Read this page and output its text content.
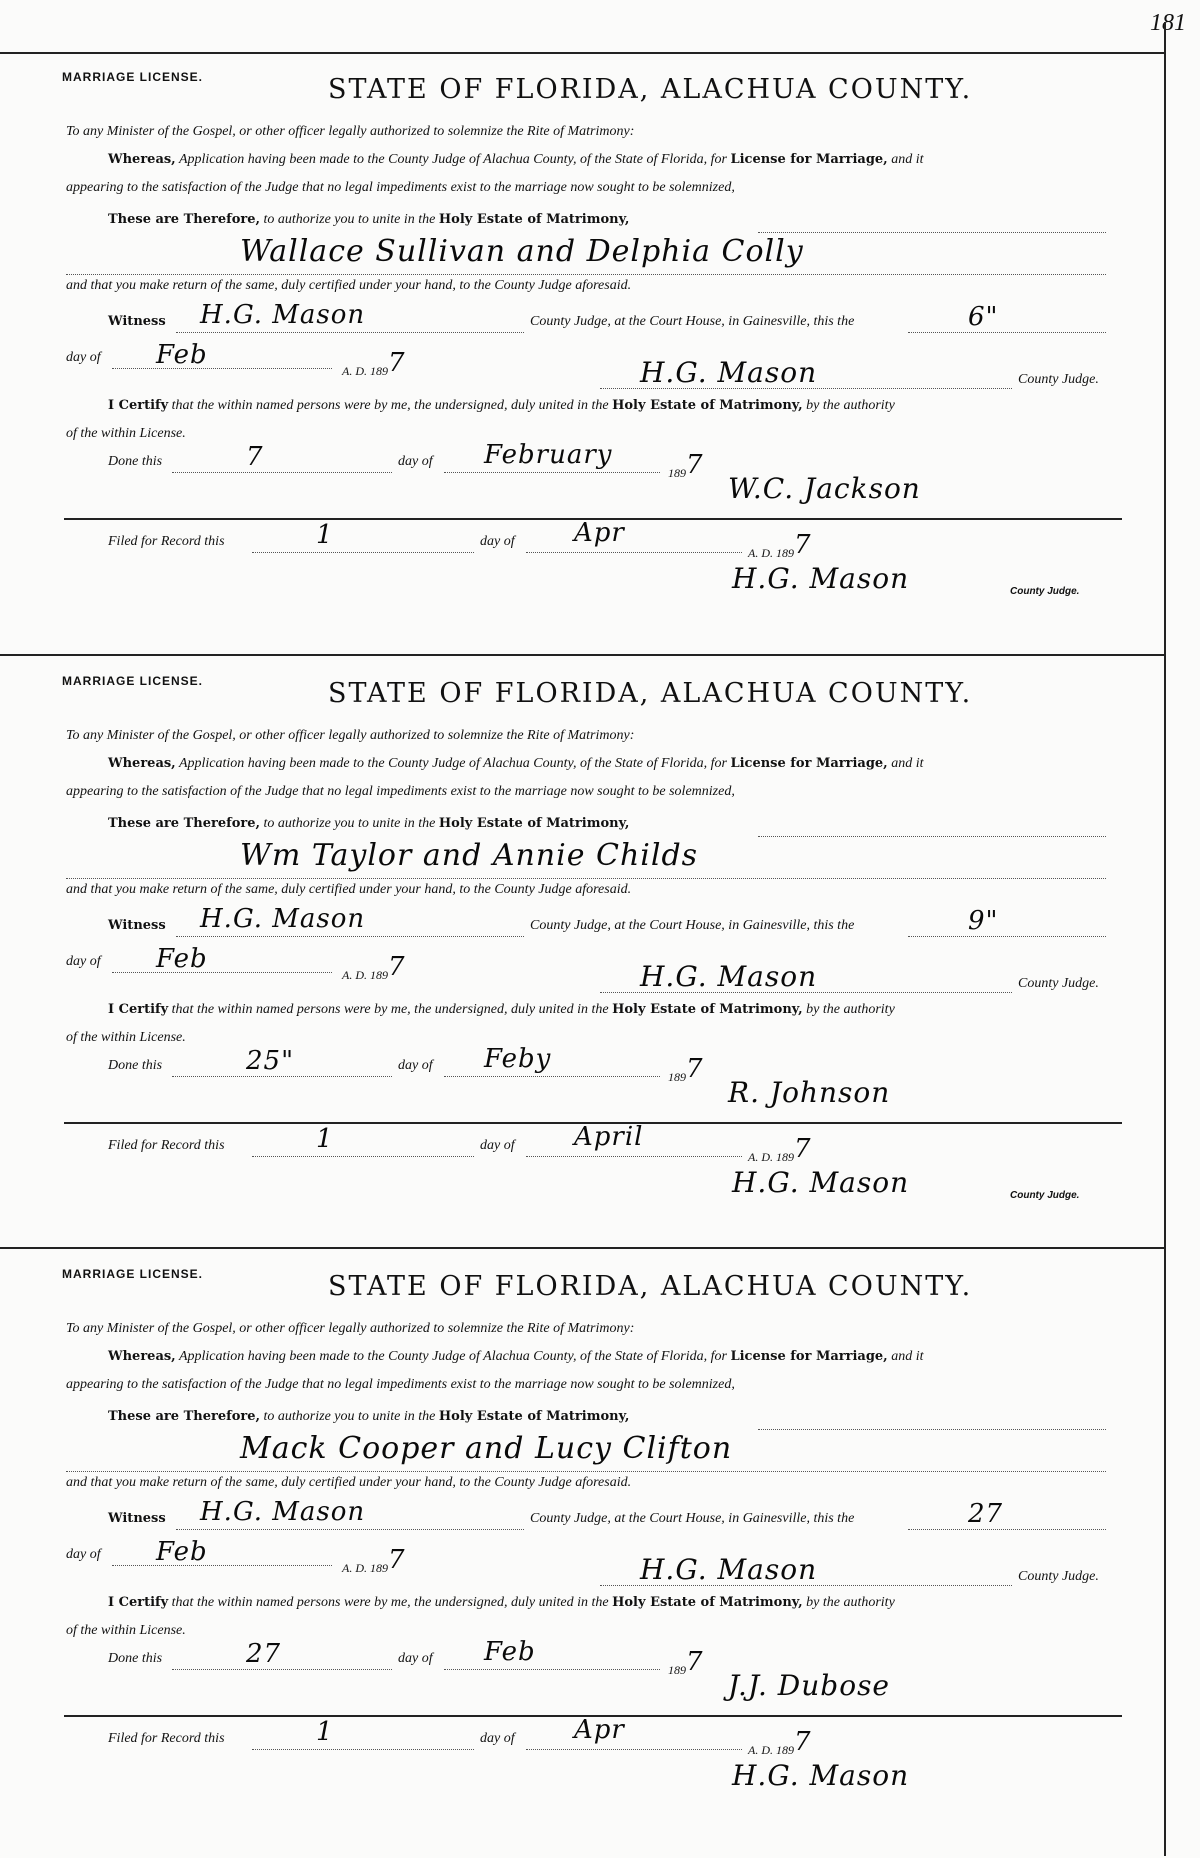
181
MARRIAGE LICENSE.	STATE OF FLORIDA, ALACHUA COUNTY.
To any Minister of the Gospel, or other officer legally authorized to solemnize the Rite of Matrimony:
Whereas, Application having been made to the County Judge of Alachua County, of the State of Florida, for License for Marriage, and it
appearing to the satisfaction of the Judge that no legal impediments exist to the marriage now sought to be solemnized,
These are Therefore, to authorize you to unite in the Holy Estate of Matrimony,
Wallace Sullivan and Delphia Colly
and that you make return of the same, duly certified under your hand, to the County Judge aforesaid.
Witness H.G. Mason	County Judge, at the Court House, in Gainesville, this the	6"
day of Feb
A. D. 1897	H.G. Mason	County Judge.
I Certify that the within named persons were by me, the undersigned, duly united in the Holy Estate of Matrimony, by the authority
of the within License.
Done this	7	day of February
1897
W.C. Jackson
Filed for Record this	1	day of Apr
A. D. 1897
H.G. Mason	County Judge.
MARRIAGE LICENSE.	STATE OF FLORIDA, ALACHUA COUNTY.
To any Minister of the Gospel, or other officer legally authorized to solemnize the Rite of Matrimony:
Whereas, Application having been made to the County Judge of Alachua County, of the State of Florida, for License for Marriage, and it
appearing to the satisfaction of the Judge that no legal impediments exist to the marriage now sought to be solemnized,
These are Therefore, to authorize you to unite in the Holy Estate of Matrimony,
Wm Taylor and Annie Childs
and that you make return of the same, duly certified under your hand, to the County Judge aforesaid.
Witness H.G. Mason	County Judge, at the Court House, in Gainesville, this the	9"
day of Feb
A. D. 1897	H.G. Mason	County Judge.
I Certify that the within named persons were by me, the undersigned, duly united in the Holy Estate of Matrimony, by the authority
of the within License.
Done this	25"	day of Feby
1897
R. Johnson
Filed for Record this	1	day of April
A. D. 1897
H.G. Mason	County Judge.
MARRIAGE LICENSE.	STATE OF FLORIDA, ALACHUA COUNTY.
To any Minister of the Gospel, or other officer legally authorized to solemnize the Rite of Matrimony:
Whereas, Application having been made to the County Judge of Alachua County, of the State of Florida, for License for Marriage, and it
appearing to the satisfaction of the Judge that no legal impediments exist to the marriage now sought to be solemnized,
These are Therefore, to authorize you to unite in the Holy Estate of Matrimony,
Mack Cooper and Lucy Clifton
and that you make return of the same, duly certified under your hand, to the County Judge aforesaid.
Witness H.G. Mason	County Judge, at the Court House, in Gainesville, this the	27
day of Feb
A. D. 1897	H.G. Mason	County Judge.
I Certify that the within named persons were by me, the undersigned, duly united in the Holy Estate of Matrimony, by the authority
of the within License.
Done this	27	day of Feb
1897
J.J. Dubose
Filed for Record this	1	day of Apr
A. D. 1897
H.G. Mason
